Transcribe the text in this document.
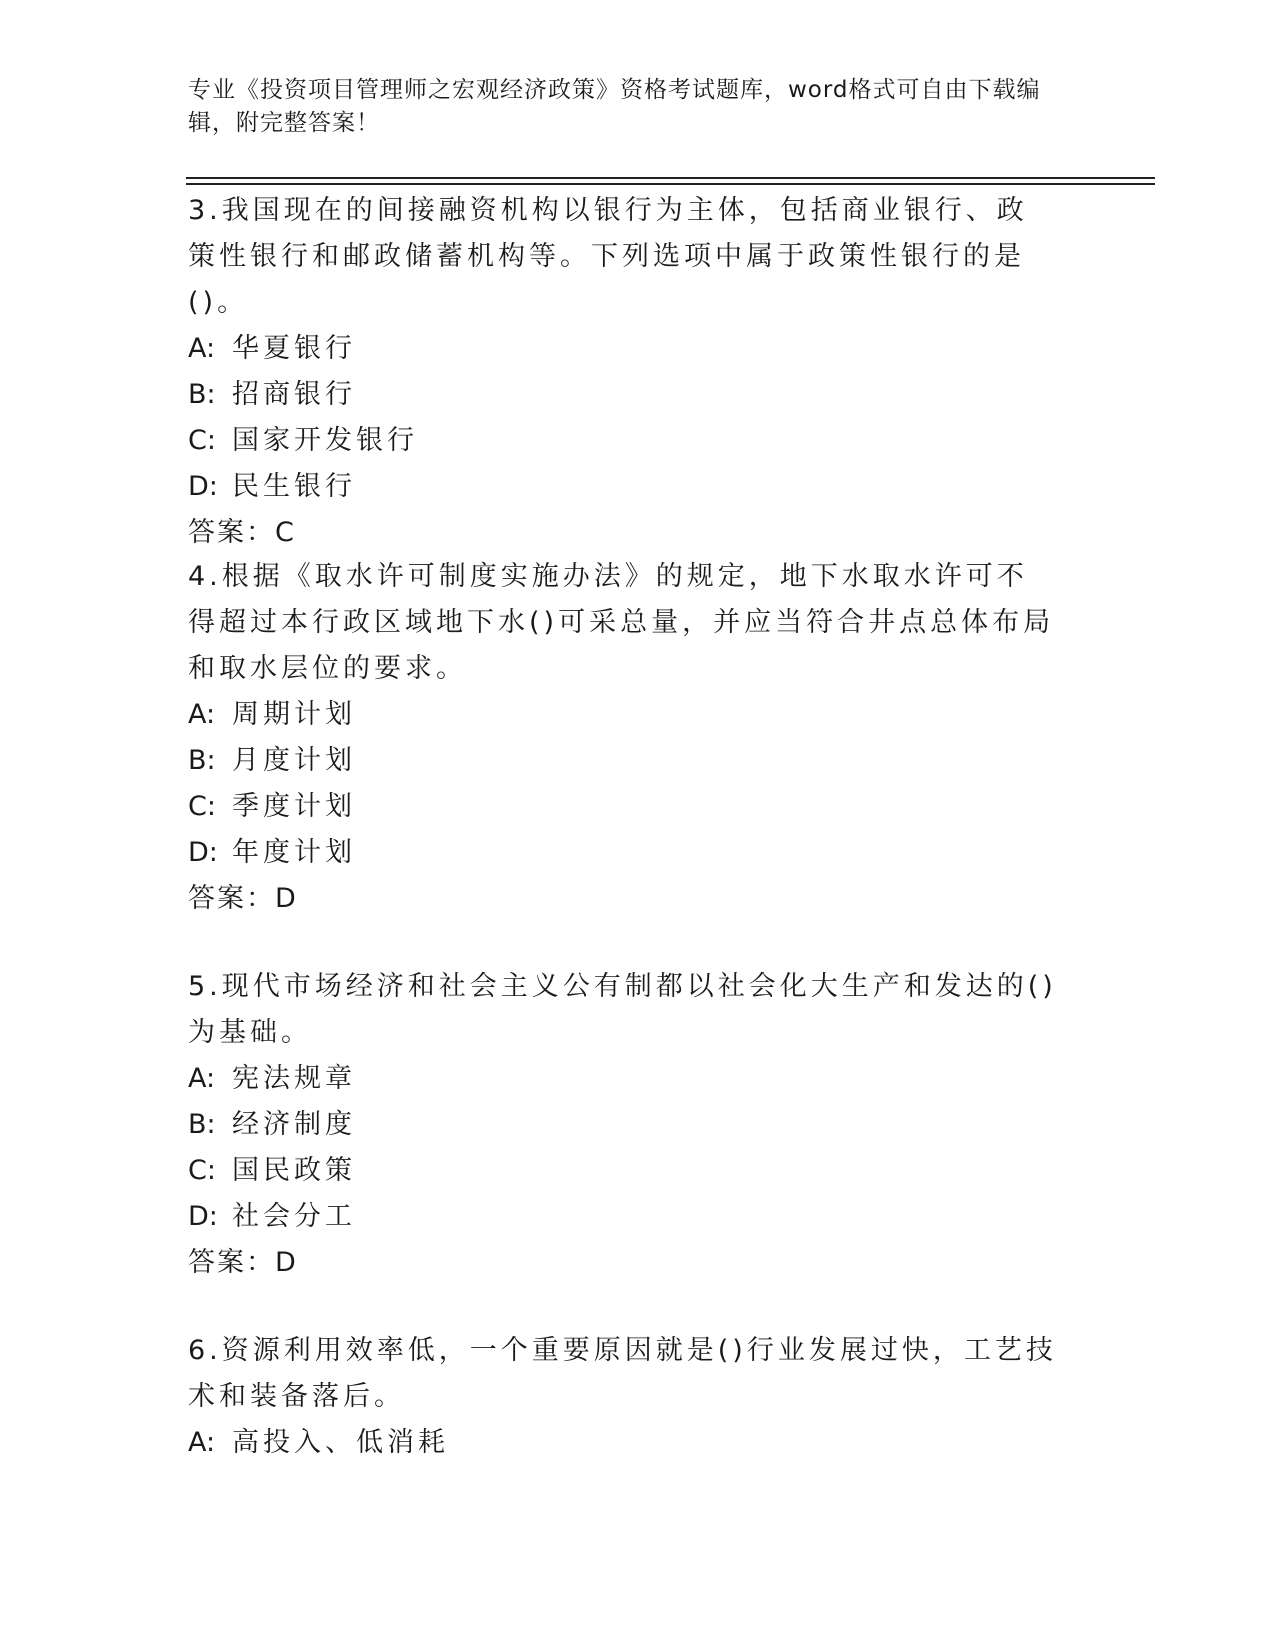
专业《投资项目管理师之宏观经济政策》资格考试题库，word格式可自由下载编辑，附完整答案！

3.我国现在的间接融资机构以银行为主体，包括商业银行、政策性银行和邮政储蓄机构等。下列选项中属于政策性银行的是()。

A: 华夏银行

B: 招商银行

C: 国家开发银行

D: 民生银行

答案：C

4.根据《取水许可制度实施办法》的规定，地下水取水许可不得超过本行政区域地下水()可采总量，并应当符合井点总体布局和取水层位的要求。

A: 周期计划

B: 月度计划

C: 季度计划

D: 年度计划

答案：D

5.现代市场经济和社会主义公有制都以社会化大生产和发达的()为基础。

A: 宪法规章

B: 经济制度

C: 国民政策

D: 社会分工

答案：D

6.资源利用效率低，一个重要原因就是()行业发展过快，工艺技术和装备落后。

A: 高投入、低消耗
